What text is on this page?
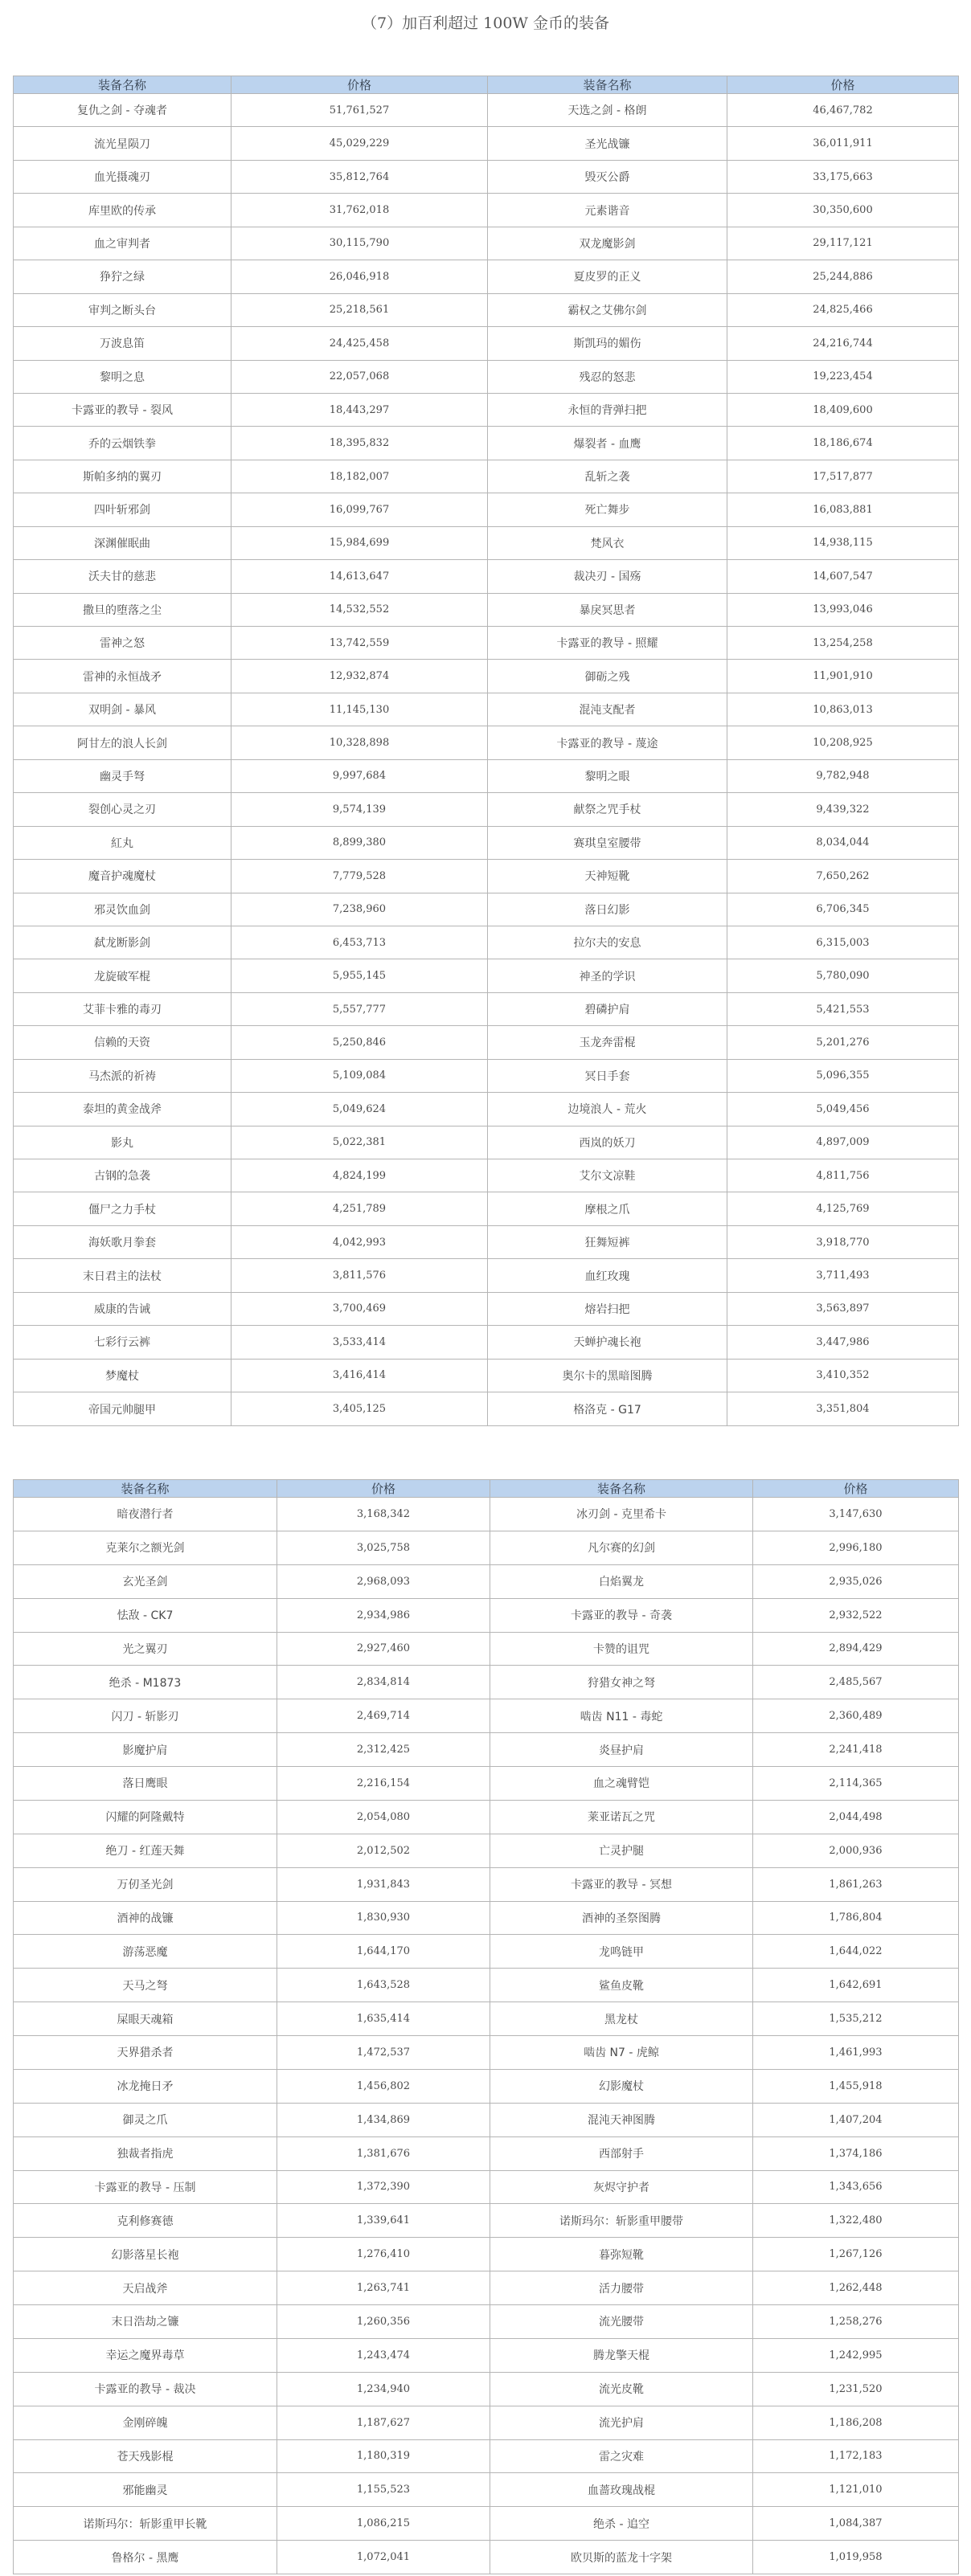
（7）加百利超过 100W 金币的装备
装备名称	价格	装备名称	价格
复仇之剑 - 夺魂者	51,761,527	天选之剑 - 格朗	46,467,782
流光星陨刀	45,029,229	圣光战镰	36,011,911
血光摄魂刃	35,812,764	毁灭公爵	33,175,663
库里欧的传承	31,762,018	元素谐音	30,350,600
血之审判者	30,115,790	双龙魔影剑	29,117,121
狰狞之绿	26,046,918	夏皮罗的正义	25,244,886
审判之断头台	25,218,561	霸权之艾佛尔剑	24,825,466
万波息笛	24,425,458	斯凯玛的媚伤	24,216,744
黎明之息	22,057,068	残忍的怒悲	19,223,454
卡露亚的教导 - 裂风	18,443,297	永恒的背弹扫把	18,409,600
乔的云烟铁拳	18,395,832	爆裂者 - 血鹰	18,186,674
斯帕多纳的翼刃	18,182,007	乱斩之袭	17,517,877
四叶斩邪剑	16,099,767	死亡舞步	16,083,881
深渊催眠曲	15,984,699	梵风衣	14,938,115
沃夫甘的慈悲	14,613,647	裁决刃 - 国殇	14,607,547
撒旦的堕落之尘	14,532,552	暴戾冥思者	13,993,046
雷神之怒	13,742,559	卡露亚的教导 - 照耀	13,254,258
雷神的永恒战矛	12,932,874	御砺之残	11,901,910
双明剑 - 暴风	11,145,130	混沌支配者	10,863,013
阿甘左的浪人长剑	10,328,898	卡露亚的教导 - 蔑途	10,208,925
幽灵手弩	9,997,684	黎明之眼	9,782,948
裂创心灵之刃	9,574,139	献祭之咒手杖	9,439,322
紅丸	8,899,380	赛琪皇室腰带	8,034,044
魔音护魂魔杖	7,779,528	天神短靴	7,650,262
邪灵饮血剑	7,238,960	落日幻影	6,706,345
弑龙断影剑	6,453,713	拉尔夫的安息	6,315,003
龙旋破军棍	5,955,145	神圣的学识	5,780,090
艾菲卡雅的毒刃	5,557,777	碧磷护肩	5,421,553
信赖的天资	5,250,846	玉龙奔雷棍	5,201,276
马杰派的祈祷	5,109,084	冥日手套	5,096,355
泰坦的黄金战斧	5,049,624	边境浪人 - 荒火	5,049,456
影丸	5,022,381	西岚的妖刀	4,897,009
古钢的急袭	4,824,199	艾尔文凉鞋	4,811,756
僵尸之力手杖	4,251,789	摩根之爪	4,125,769
海妖歌月拳套	4,042,993	狂舞短裤	3,918,770
末日君主的法杖	3,811,576	血红玫瑰	3,711,493
威康的告诫	3,700,469	熔岩扫把	3,563,897
七彩行云裤	3,533,414	天蝉护魂长袍	3,447,986
梦魔杖	3,416,414	奥尔卡的黑暗图腾	3,410,352
帝国元帅腿甲	3,405,125	格洛克 - G17	3,351,804
装备名称	价格	装备名称	价格
暗夜潜行者	3,168,342	冰刃剑 - 克里希卡	3,147,630
克莱尔之额光剑	3,025,758	凡尔赛的幻剑	2,996,180
玄光圣剑	2,968,093	白焰翼龙	2,935,026
怯敌 - CK7	2,934,986	卡露亚的教导 - 奇袭	2,932,522
光之翼刃	2,927,460	卡赞的诅咒	2,894,429
绝杀 - M1873	2,834,814	狩猎女神之弩	2,485,567
闪刀 - 斩影刃	2,469,714	啮齿 N11 - 毒蛇	2,360,489
影魔护肩	2,312,425	炎昼护肩	2,241,418
落日鹰眼	2,216,154	血之魂臂铠	2,114,365
闪耀的阿隆戴特	2,054,080	莱亚诺瓦之咒	2,044,498
绝刀 - 红莲天舞	2,012,502	亡灵护腿	2,000,936
万仞圣光剑	1,931,843	卡露亚的教导 - 冥想	1,861,263
酒神的战镰	1,830,930	酒神的圣祭图腾	1,786,804
游荡恶魔	1,644,170	龙鸣链甲	1,644,022
天马之弩	1,643,528	鲨鱼皮靴	1,642,691
屎眼天魂箱	1,635,414	黑龙杖	1,535,212
天界猎杀者	1,472,537	啮齿 N7 - 虎鲸	1,461,993
冰龙掩日矛	1,456,802	幻影魔杖	1,455,918
御灵之爪	1,434,869	混沌天神图腾	1,407,204
独裁者指虎	1,381,676	西部射手	1,374,186
卡露亚的教导 - 压制	1,372,390	灰烬守护者	1,343,656
克利修赛德	1,339,641	诺斯玛尔：斩影重甲腰带	1,322,480
幻影落星长袍	1,276,410	暮弥短靴	1,267,126
天启战斧	1,263,741	活力腰带	1,262,448
末日浩劫之镰	1,260,356	流光腰带	1,258,276
幸运之魔界毒草	1,243,474	腾龙擎天棍	1,242,995
卡露亚的教导 - 裁决	1,234,940	流光皮靴	1,231,520
金刚碎魄	1,187,627	流光护肩	1,186,208
苍天残影棍	1,180,319	雷之灾难	1,172,183
邪能幽灵	1,155,523	血蔷玫瑰战棍	1,121,010
诺斯玛尔：斩影重甲长靴	1,086,215	绝杀 - 追空	1,084,387
鲁格尔 - 黑鹰	1,072,041	欧贝斯的蓝龙十字架	1,019,958
